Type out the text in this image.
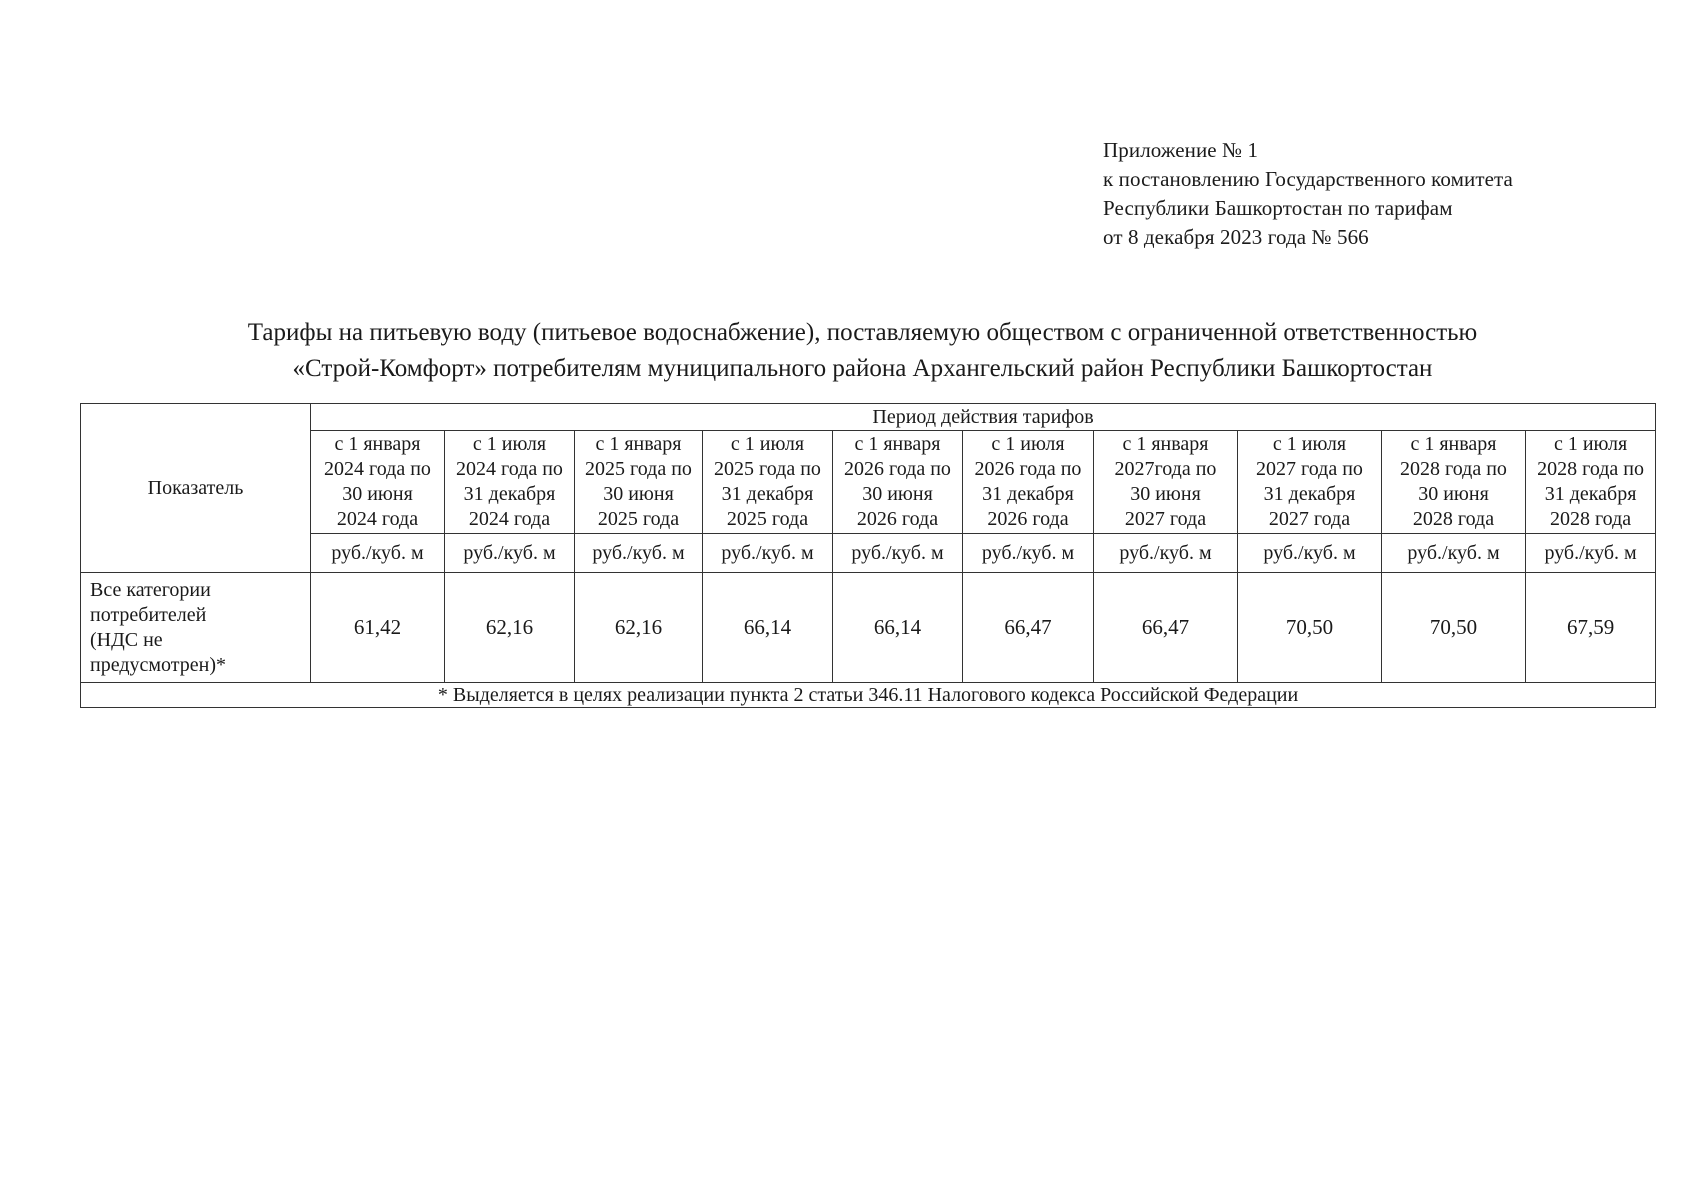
Приложение № 1
к постановлению Государственного комитета
Республики Башкортостан по тарифам
от 8 декабря 2023 года № 566
Тарифы на питьевую воду (питьевое водоснабжение), поставляемую обществом с ограниченной ответственностью
«Строй-Комфорт» потребителям муниципального района Архангельский район Республики Башкортостан
Показатель	Период действия тарифов									

	с 1 января
2024 года по
30 июня
2024 года	с 1 июля
2024 года по
31 декабря
2024 года	с 1 января
2025 года по
30 июня
2025 года	с 1 июля
2025 года по
31 декабря
2025 года	с 1 января
2026 года по
30 июня
2026 года	с 1 июля
2026 года по
31 декабря
2026 года	с 1 января
2027года по
30 июня
2027 года	с 1 июля
2027 года по
31 декабря
2027 года	с 1 января
2028 года по
30 июня
2028 года	с 1 июля
2028 года по
31 декабря
2028 года

	руб./куб. м	руб./куб. м	руб./куб. м	руб./куб. м	руб./куб. м	руб./куб. м	руб./куб. м	руб./куб. м	руб./куб. м	руб./куб. м

Все категории
потребителей
(НДС не
предусмотрен)*	61,42	62,16	62,16	66,14	66,14	66,47	66,47	70,50	70,50	67,59
* Выделяется в целях реализации пункта 2 статьи 346.11 Налогового кодекса Российской Федерации										
